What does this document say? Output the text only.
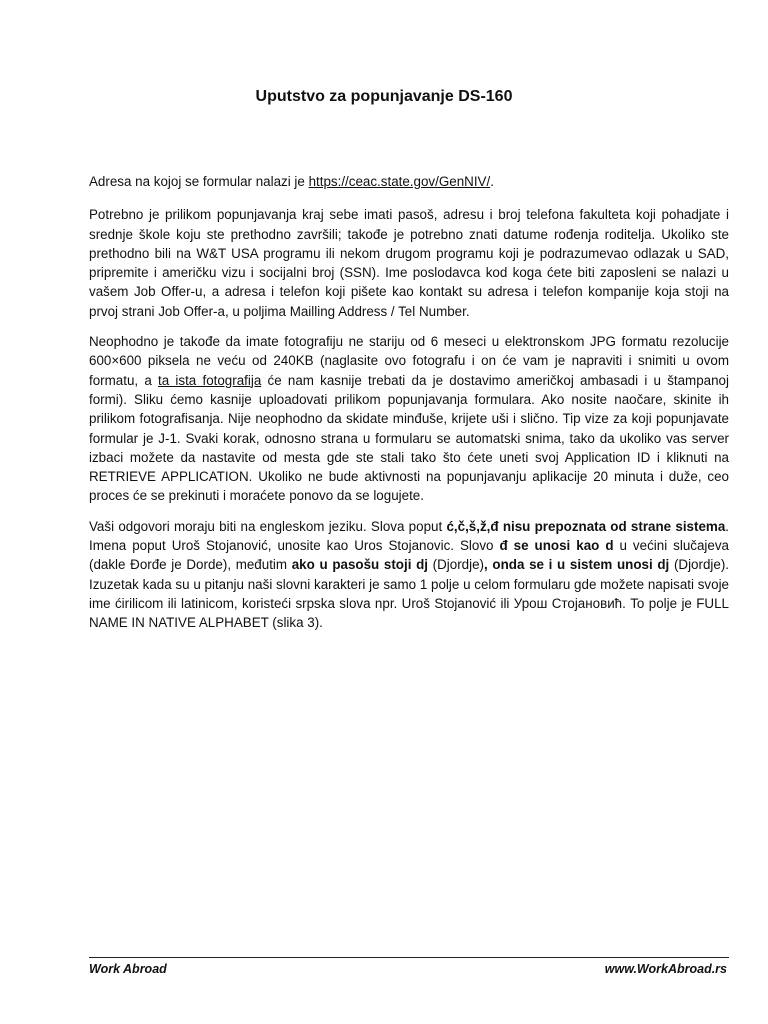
Uputstvo za popunjavanje DS-160

Adresa na kojoj se formular nalazi je https://ceac.state.gov/GenNIV/.

Potrebno je prilikom popunjavanja kraj sebe imati pasoš, adresu i broj telefona fakulteta koji pohadjate i srednje škole koju ste prethodno završili; takođe je potrebno znati datume rođenja roditelja. Ukoliko ste prethodno bili na W&T USA programu ili nekom drugom programu koji je podrazumevao odlazak u SAD, pripremite i američku vizu i socijalni broj (SSN). Ime poslodavca kod koga ćete biti zaposleni se nalazi u vašem Job Offer-u, a adresa i telefon koji pišete kao kontakt su adresa i telefon kompanije koja stoji na prvoj strani Job Offer-a, u poljima Mailling Address / Tel Number.

Neophodno je takođe da imate fotografiju ne stariju od 6 meseci u elektronskom JPG formatu rezolucije 600×600 piksela ne veću od 240KB (naglasite ovo fotografu i on će vam je napraviti i snimiti u ovom formatu, a ta ista fotografija će nam kasnije trebati da je dostavimo američkoj ambasadi i u štampanoj formi). Sliku ćemo kasnije uploadovati prilikom popunjavanja formulara. Ako nosite naočare, skinite ih prilikom fotografisanja. Nije neophodno da skidate minđuše, krijete uši i slično. Tip vize za koji popunjavate formular je J-1. Svaki korak, odnosno strana u formularu se automatski snima, tako da ukoliko vas server izbaci možete da nastavite od mesta gde ste stali tako što ćete uneti svoj Application ID i kliknuti na RETRIEVE APPLICATION. Ukoliko ne bude aktivnosti na popunjavanju aplikacije 20 minuta i duže, ceo proces će se prekinuti i moraćete ponovo da se logujete.

Vaši odgovori moraju biti na engleskom jeziku. Slova poput ć,č,š,ž,đ nisu prepoznata od strane sistema. Imena poput Uroš Stojanović, unosite kao Uros Stojanovic. Slovo đ se unosi kao d u većini slučajeva (dakle Đorđe je Dorde), međutim ako u pasošu stoji dj (Djordje), onda se i u sistem unosi dj (Djordje). Izuzetak kada su u pitanju naši slovni karakteri je samo 1 polje u celom formularu gde možete napisati svoje ime ćirilicom ili latinicom, koristeći srpska slova npr. Uroš Stojanović ili Урош Стојановић. To polje je FULL NAME IN NATIVE ALPHABET (slika 3).

Work Abroad	www.WorkAbroad.rs
